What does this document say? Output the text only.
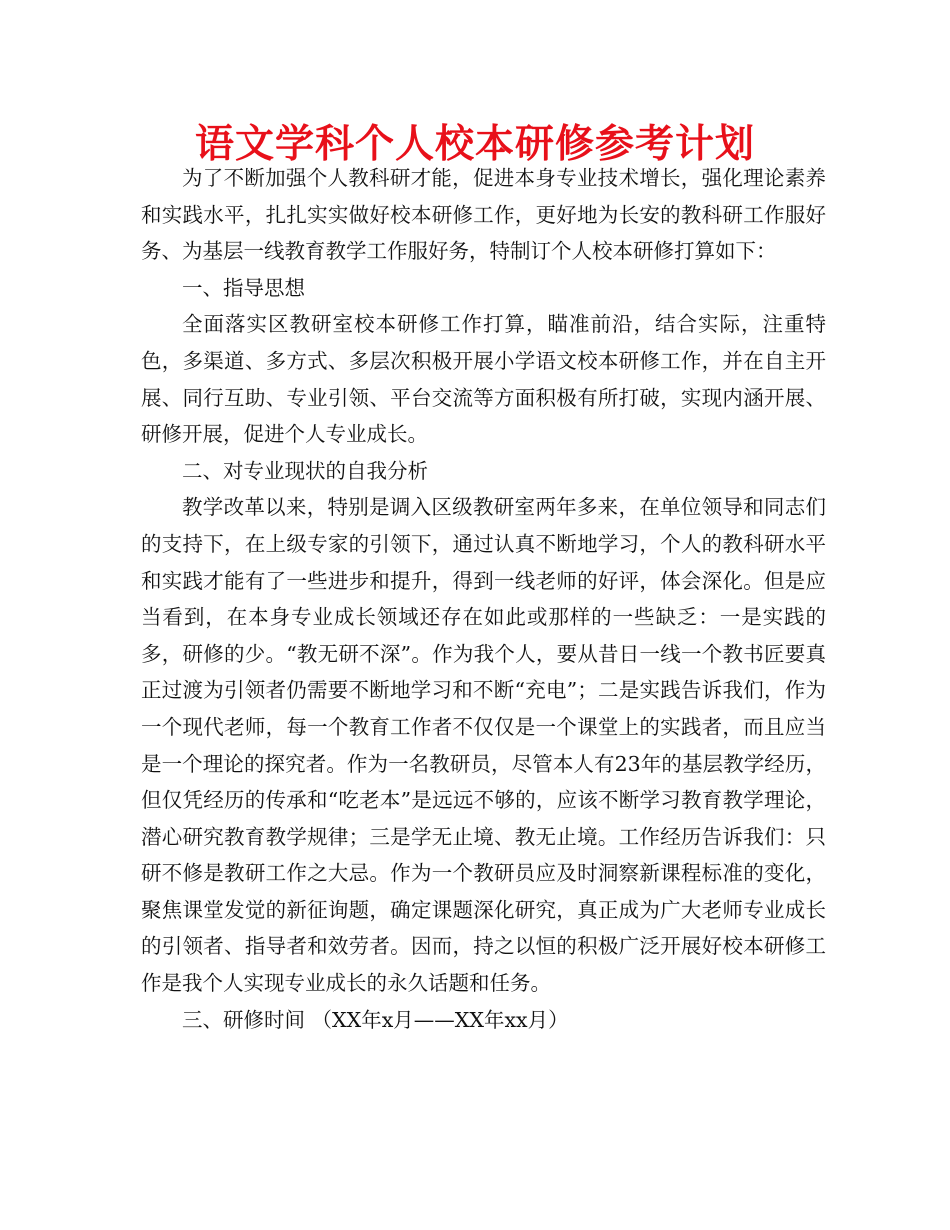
语文学科个人校本研修参考计划

为了不断加强个人教科研才能，促进本身专业技术增长，强化理论素养和实践水平，扎扎实实做好校本研修工作，更好地为长安的教科研工作服好务、为基层一线教育教学工作服好务，特制订个人校本研修打算如下：

一、指导思想

全面落实区教研室校本研修工作打算，瞄准前沿，结合实际，注重特色，多渠道、多方式、多层次积极开展小学语文校本研修工作，并在自主开展、同行互助、专业引领、平台交流等方面积极有所打破，实现内涵开展、研修开展，促进个人专业成长。

二、对专业现状的自我分析

教学改革以来，特别是调入区级教研室两年多来，在单位领导和同志们的支持下，在上级专家的引领下，通过认真不断地学习，个人的教科研水平和实践才能有了一些进步和提升，得到一线老师的好评，体会深化。但是应当看到，在本身专业成长领域还存在如此或那样的一些缺乏：一是实践的多，研修的少。“教无研不深”。作为我个人，要从昔日一线一个教书匠要真正过渡为引领者仍需要不断地学习和不断“充电”；二是实践告诉我们，作为一个现代老师，每一个教育工作者不仅仅是一个课堂上的实践者，而且应当是一个理论的探究者。作为一名教研员，尽管本人有23年的基层教学经历，但仅凭经历的传承和“吃老本”是远远不够的，应该不断学习教育教学理论，潜心研究教育教学规律；三是学无止境、教无止境。工作经历告诉我们：只研不修是教研工作之大忌。作为一个教研员应及时洞察新课程标准的变化，聚焦课堂发觉的新征询题，确定课题深化研究，真正成为广大老师专业成长的引领者、指导者和效劳者。因而，持之以恒的积极广泛开展好校本研修工作是我个人实现专业成长的永久话题和任务。

三、研修时间 （XX年x月——XX年xx月）
